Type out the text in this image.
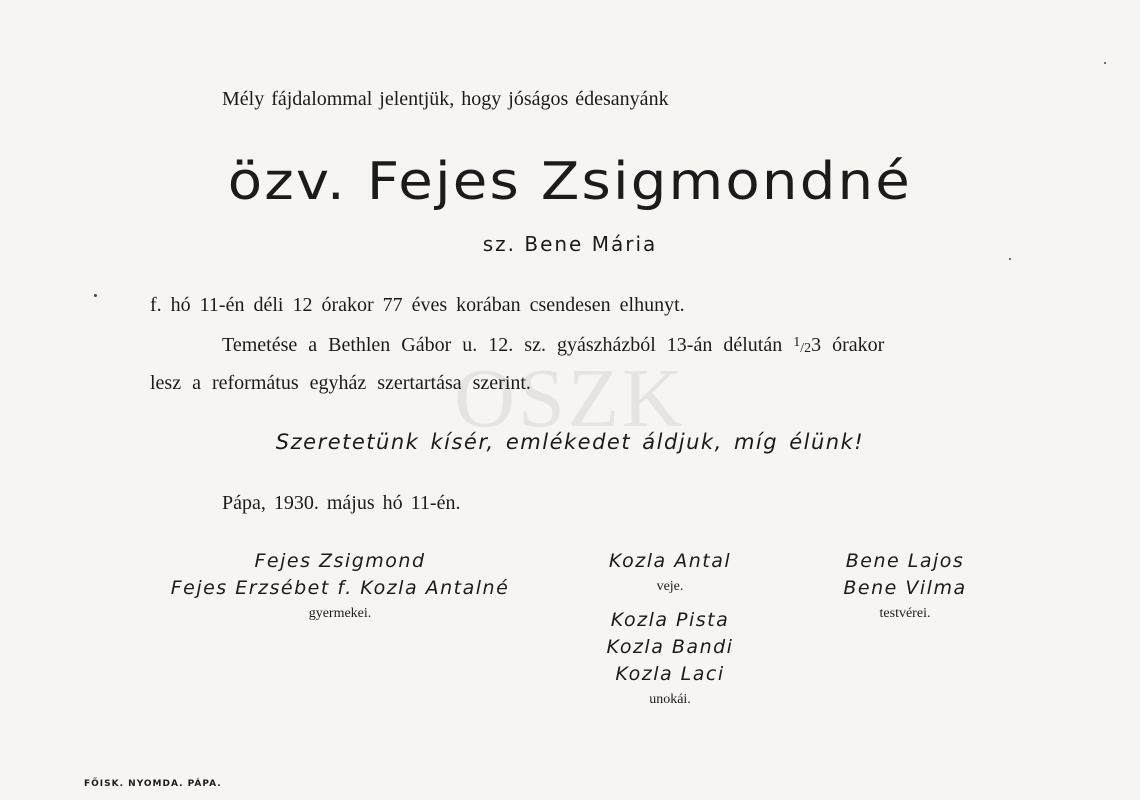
OSZK
Mély fájdalommal jelentjük, hogy jóságos édesanyánk
özv. Fejes Zsigmondné
sz. Bene Mária
f. hó 11-én déli 12 órakor 77 éves korában csendesen elhunyt.
Temetése a Bethlen Gábor u. 12. sz. gyászházból 13-án délután $^1$/23 órakor
lesz a református egyház szertartása szerint.
Szeretetünk kísér, emlékedet áldjuk, míg élünk!
Pápa, 1930. május hó 11-én.
Fejes Zsigmond
Fejes Erzsébet f. Kozla Antalné
gyermekei.
Kozla Antal
veje.
Kozla Pista
Kozla Bandi
Kozla Laci
unokái.
Bene Lajos
Bene Vilma
testvérei.
FŐISK. NYOMDA. PÁPA.
